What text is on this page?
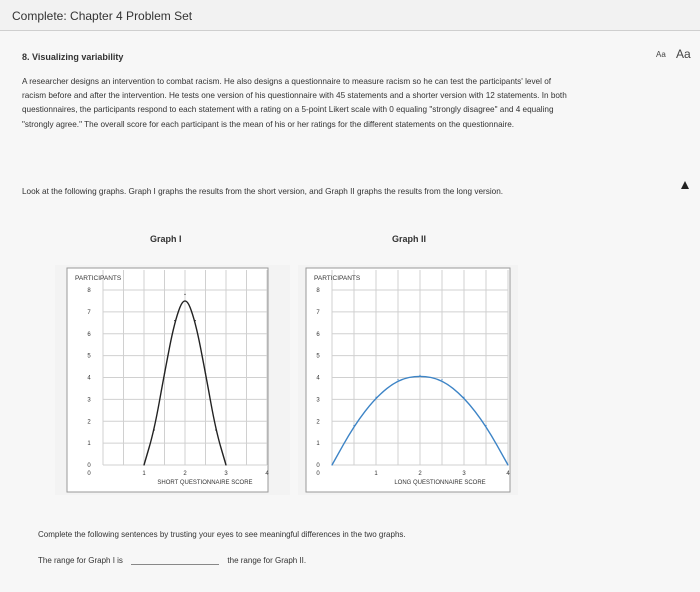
Complete: Chapter 4 Problem Set
8. Visualizing variability	Aa Aa

A researcher designs an intervention to combat racism. He also designs a questionnaire to measure racism so he can test the participants' level of racism before and after the intervention. He tests one version of his questionnaire with 45 statements and a shorter version with 12 statements. In both questionnaires, the participants respond to each statement with a rating on a 5-point Likert scale with 0 equaling "strongly disagree" and 4 equaling "strongly agree." The overall score for each participant is the mean of his or her ratings for the different statements on the questionnaire.

Look at the following graphs. Graph I graphs the results from the short version, and Graph II graphs the results from the long version.

Graph I	Graph II
PARTICIPANTS
0
1
2
3
4
5
6
7
8
0	1	2	3	4
SHORT QUESTIONNAIRE SCORE
PARTICIPANTS
0
1
2
3
4
5
6
7
8
0	1	2	3	4
LONG QUESTIONNAIRE SCORE
Complete the following sentences by trusting your eyes to see meaningful differences in the two graphs.
The range for Graph I is	the range for Graph II.
